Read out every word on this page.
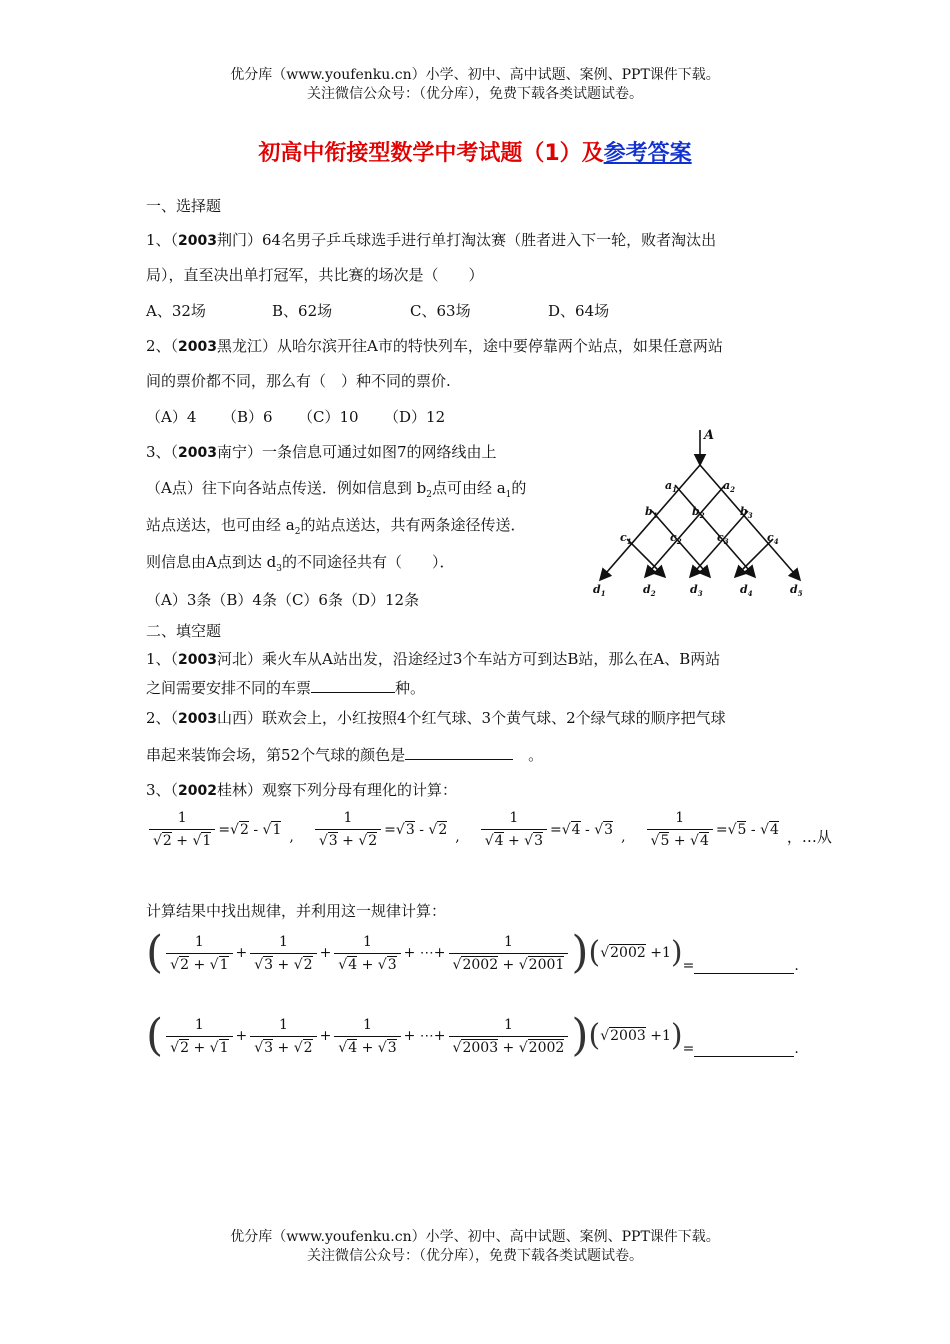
优分库（www.youfenku.cn）小学、初中、高中试题、案例、PPT课件下载。
关注微信公众号：（优分库），免费下载各类试题试卷。
初高中衔接型数学中考试题（1）及参考答案
一、选择题
1、（2003荆门）64名男子乒乓球选手进行单打淘汰赛（胜者进入下一轮，败者淘汰出
局），直至决出单打冠军，共比赛的场次是（　　）
A、32场	B、62场	C、63场	D、64场
2、（2003黑龙江）从哈尔滨开往A市的特快列车，途中要停靠两个站点，如果任意两站
间的票价都不同，那么有（　）种不同的票价.
（A）4 （B）6 （C）10 （D）12
3、（2003南宁）一条信息可通过如图7的网络线由上
（A点）往下向各站点传送．例如信息到 $b_2$点可由经 $a_1$的
站点送达，也可由经 $a_2$的站点送达，共有两条途径传送．
则信息由A点到达 $d_3$的不同途径共有（　　）．
（A）3条（B）4条（C）6条（D）12条
A
$a_1$	$a_2$
$b_1$	$b_2$	$b_3$
$c_1$	$c_2$	$c_3$	$c_4$
$d_1$	$d_2$	$d_3$	$d_4$	$d_5$
二、填空题
1、（2003河北）乘火车从A站出发，沿途经过3个车站方可到达B站，那么在A、B两站
之间需要安排不同的车票	种。
2、（2003山西）联欢会上，小红按照4个红气球、3个黄气球、2个绿气球的顺序把气球
串起来装饰会场，第52个气球的颜色是　	。
3、（2002桂林）观察下列分母有理化的计算：
$\frac{1}{√2 + √1} =√2 - √1$ , $\frac{1}{√3 + √2} =√3 - √2$ , $\frac{1}{√4 + √3} =√4 - √3$ , $\frac{1}{√5 + √4} =√5 - √4$ ，…从
计算结果中找出规律，并利用这一规律计算：
( $\frac{1}{√2 + √1} + \frac{1}{√3 + √2} + \frac{1}{√4 + √3}$ + ⋯+ $\frac{1}{√2002 + √2001}$ ) ( √2002 +1 ) =	.
( $\frac{1}{√2 + √1} + \frac{1}{√3 + √2} + \frac{1}{√4 + √3}$ + ⋯+ $\frac{1}{√2003 + √2002}$ ) ( √2003 +1 ) =	.
优分库（www.youfenku.cn）小学、初中、高中试题、案例、PPT课件下载。
关注微信公众号：（优分库），免费下载各类试题试卷。
